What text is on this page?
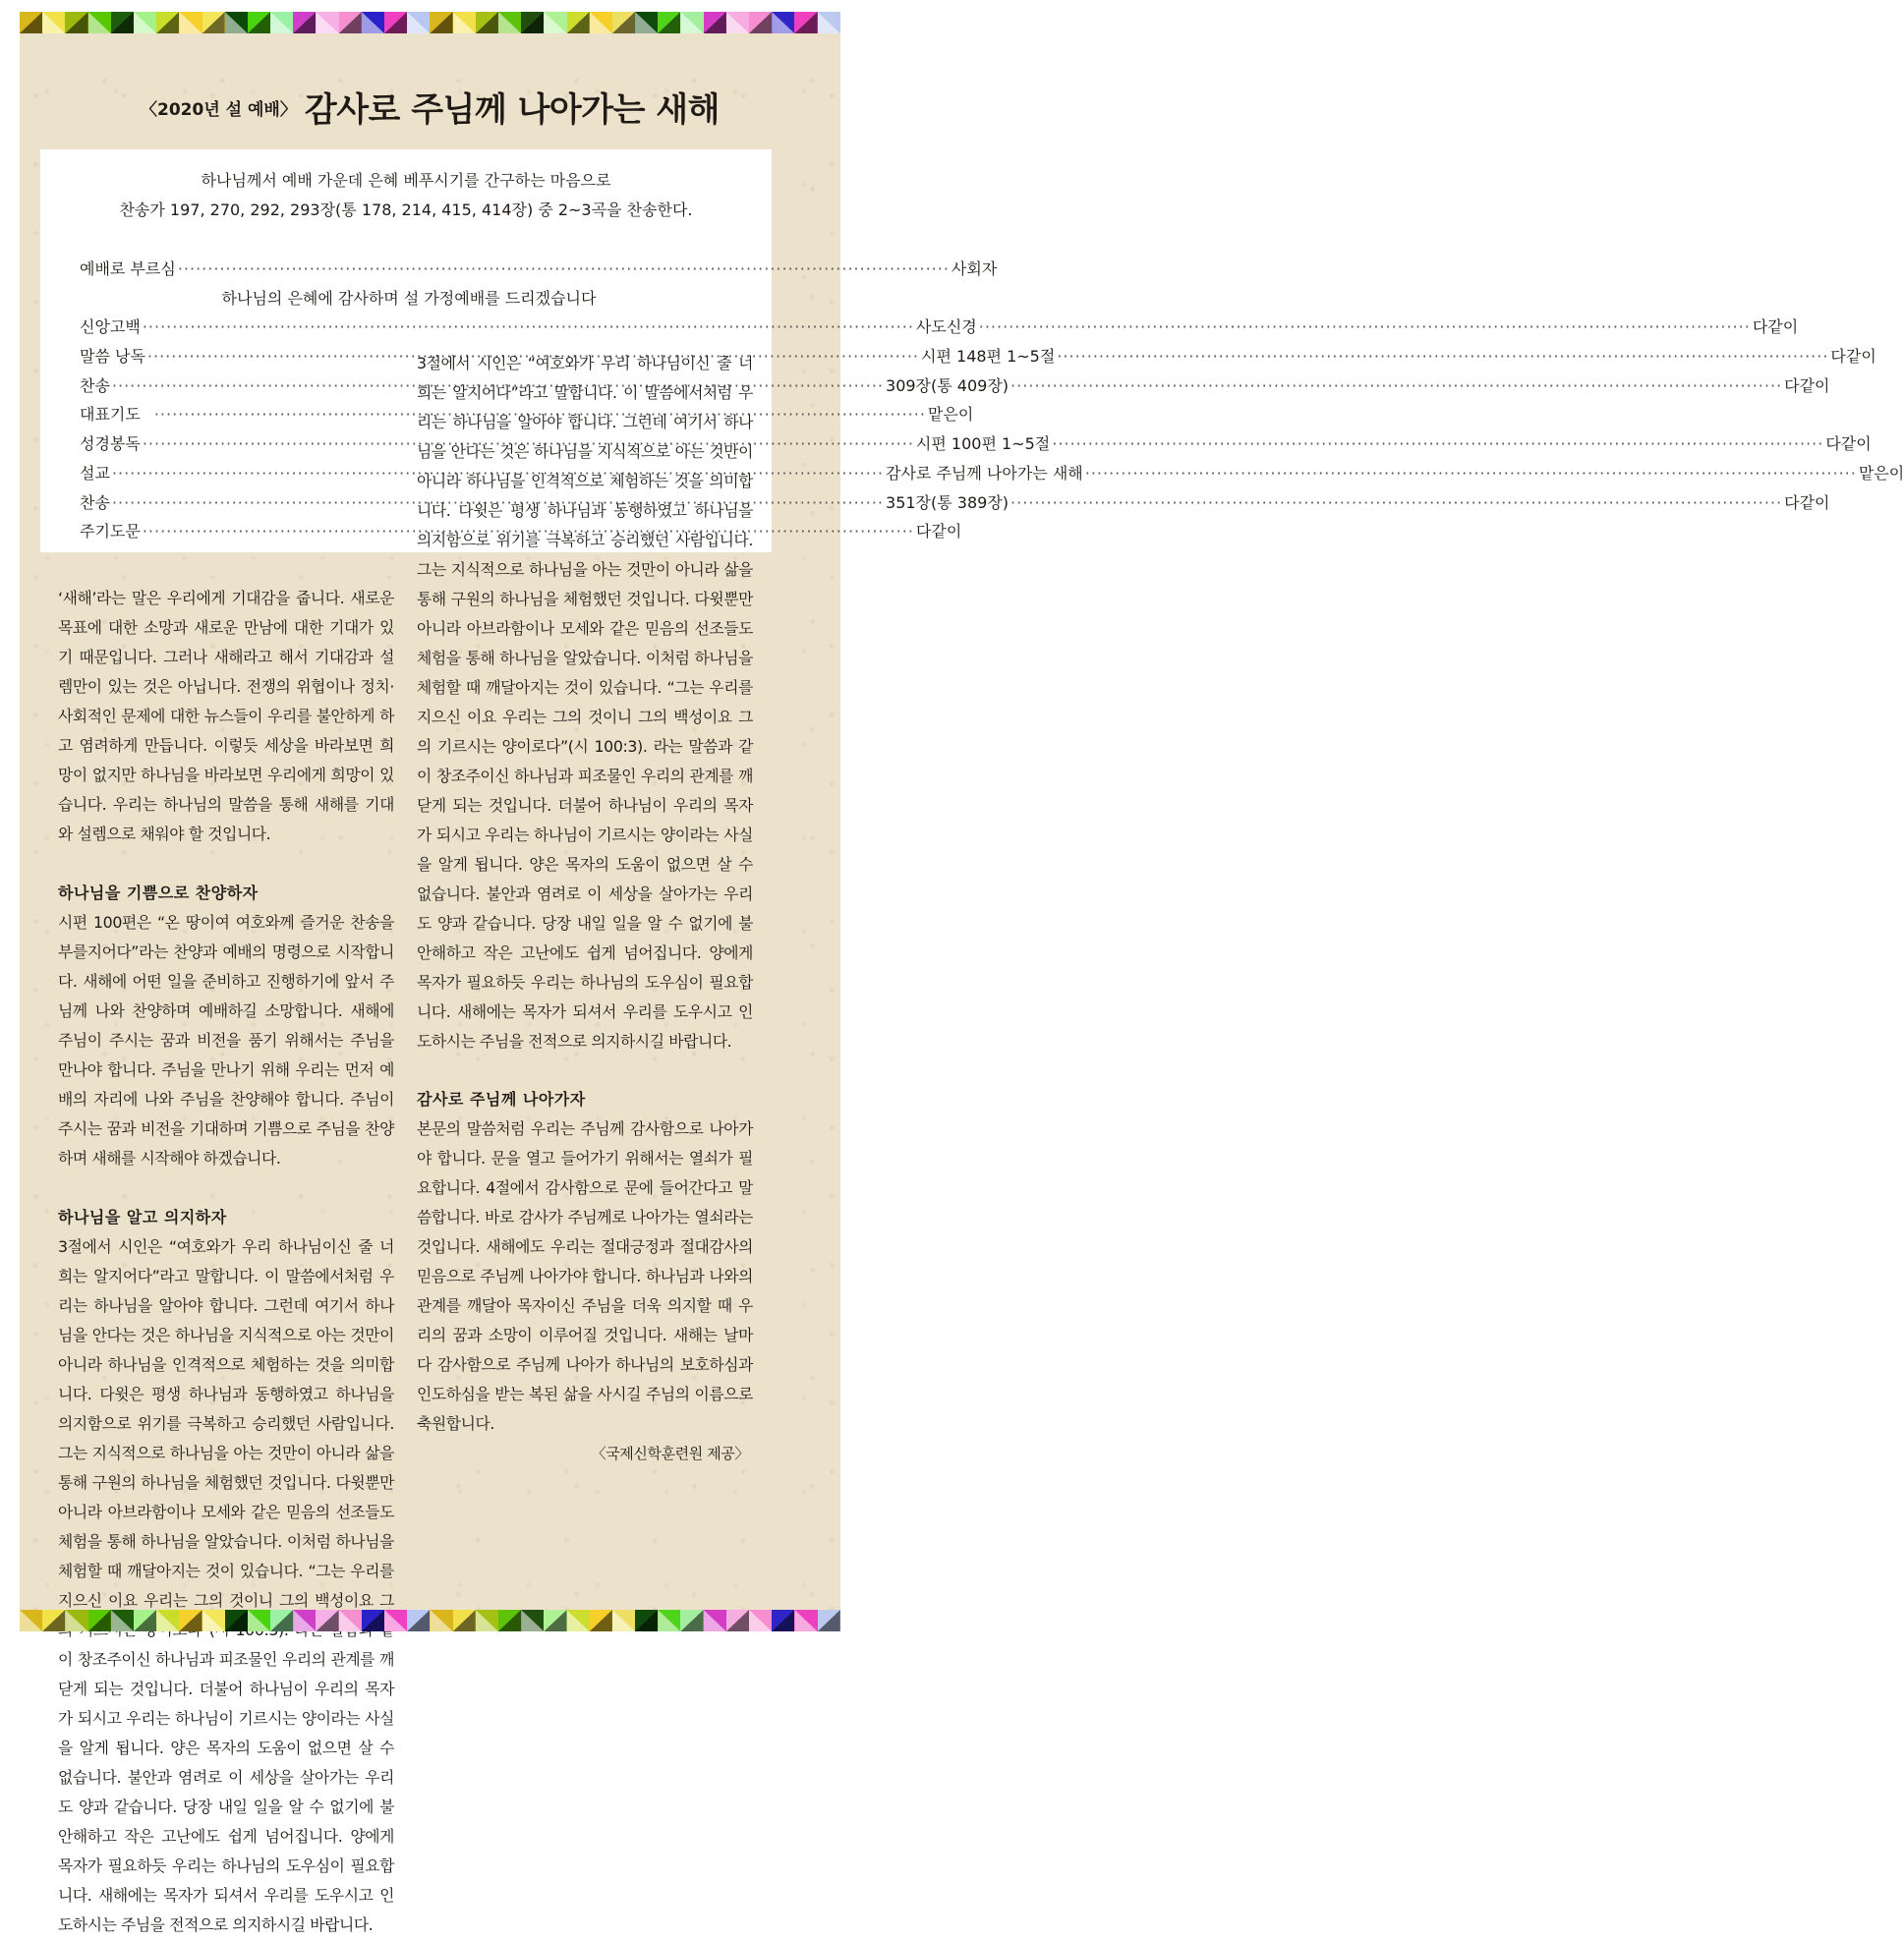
〈2020년 설 예배〉 감사로 주님께 나아가는 새해
하나님께서 예배 가운데 은혜 베푸시기를 간구하는 마음으로
찬송가 197, 270, 292, 293장(통 178, 214, 415, 414장) 중 2~3곡을 찬송한다.
예배로 부르심 ·····	사회자
하나님의 은혜에 감사하며 설 가정예배를 드리겠습니다
신앙고백 ·····	사도신경 ·····	다같이
말씀 낭독 ·····	시편 148편 1~5절 ·····	다같이
찬송 ·····	309장(통 409장) ·····	다같이
대표기도 ·····	맡은이
성경봉독 ·····	시편 100편 1~5절 ·····	다같이
설교 ·····	감사로 주님께 나아가는 새해 ·····	맡은이
찬송 ·····	351장(통 389장) ·····	다같이
주기도문 ·····	다같이

‘새해’라는 말은 우리에게 기대감을 줍니다. 새로운 목표에 대한 소망과 새로운 만남에 대한 기대가 있기 때문입니다. 그러나 새해라고 해서 기대감과 설렘만이 있는 것은 아닙니다. 전쟁의 위협이나 정치·사회적인 문제에 대한 뉴스들이 우리를 불안하게 하고 염려하게 만듭니다. 이렇듯 세상을 바라보면 희망이 없지만 하나님을 바라보면 우리에게 희망이 있습니다. 우리는 하나님의 말씀을 통해 새해를 기대와 설렘으로 채워야 할 것입니다.

하나님을 기쁨으로 찬양하자

시편 100편은 “온 땅이여 여호와께 즐거운 찬송을 부를지어다”라는 찬양과 예배의 명령으로 시작합니다. 새해에 어떤 일을 준비하고 진행하기에 앞서 주님께 나와 찬양하며 예배하길 소망합니다. 새해에 주님이 주시는 꿈과 비전을 품기 위해서는 주님을 만나야 합니다. 주님을 만나기 위해 우리는 먼저 예배의 자리에 나와 주님을 찬양해야 합니다. 주님이 주시는 꿈과 비전을 기대하며 기쁨으로 주님을 찬양하며 새해를 시작해야 하겠습니다.

하나님을 알고 의지하자

3절에서 시인은 “여호와가 우리 하나님이신 줄 너희는 알지어다”라고 말합니다. 이 말씀에서처럼 우리는 하나님을 알아야 합니다. 그런데 여기서 하나님을 안다는 것은 하나님을 지식적으로 아는 것만이 아니라 하나님을 인격적으로 체험하는 것을 의미합니다. 다윗은 평생 하나님과 동행하였고 하나님을 의지함으로 위기를 극복하고 승리했던 사람입니다. 그는 지식적으로 하나님을 아는 것만이 아니라 삶을 통해 구원의 하나님을 체험했던 것입니다. 다윗뿐만 아니라 아브라함이나 모세와 같은 믿음의 선조들도 체험을 통해 하나님을 알았습니다. 이처럼 하나님을 체험할 때 깨달아지는 것이 있습니다. “그는 우리를 지으신 이요 우리는 그의 것이니 그의 백성이요 그 이 창조주이신 하나님과 피조물인 우리의 관계를 깨닫게 되는 것입니다. 더불어 하나님이 우리의 목자가 되시고 우리는 하나님이 기르시는 양이라는 사실을 알게 됩니다. 양은 목자의 도움이 없으면 살 수 없습니다. 불안과 염려로 이 세상을 살아가는 우리도 양과 같습니다. 당장 내일 일을 알 수 없기에 불안해하고 작은 고난에도 쉽게 넘어집니다. 양에게 목자가 필요하듯 우리는 하나님의 도우심이 필요합니다. 새해에는 목자가 되셔서 우리를 도우시고 인도하시는 주님을 전적으로 의지하시길 바랍니다.

3절에서 시인은 “여호와가 우리 하나님이신 줄 너희는 알지어다”라고 말합니다. 이 말씀에서처럼 우리는 하나님을 알아야 합니다. 그런데 여기서 하나님을 안다는 것은 하나님을 지식적으로 아는 것만이 아니라 하나님을 인격적으로 체험하는 것을 의미합니다. 다윗은 평생 하나님과 동행하였고 하나님을 의지함으로 위기를 극복하고 승리했던 사람입니다. 그는 지식적으로 하나님을 아는 것만이 아니라 삶을 통해 구원의 하나님을 체험했던 것입니다. 다윗뿐만 아니라 아브라함이나 모세와 같은 믿음의 선조들도 체험을 통해 하나님을 알았습니다. 이처럼 하나님을 체험할 때 깨달아지는 것이 있습니다. “그는 우리를 지으신 이요 우리는 그의 것이니 그의 백성이요 그의 기르시는 양이로다”(시 100:3). 라는 말씀과 같이 창조주이신 하나님과 피조물인 우리의 관계를 깨닫게 되는 것입니다. 더불어 하나님이 우리의 목자가 되시고 우리는 하나님이 기르시는 양이라는 사실을 알게 됩니다. 양은 목자의 도움이 없으면 살 수 없습니다. 불안과 염려로 이 세상을 살아가는 우리도 양과 같습니다. 당장 내일 일을 알 수 없기에 불안해하고 작은 고난에도 쉽게 넘어집니다. 양에게 목자가 필요하듯 우리는 하나님의 도우심이 필요합니다. 새해에는 목자가 되셔서 우리를 도우시고 인도하시는 주님을 전적으로 의지하시길 바랍니다.

감사로 주님께 나아가자

본문의 말씀처럼 우리는 주님께 감사함으로 나아가야 합니다. 문을 열고 들어가기 위해서는 열쇠가 필요합니다. 4절에서 감사함으로 문에 들어간다고 말씀합니다. 바로 감사가 주님께로 나아가는 열쇠라는 것입니다. 새해에도 우리는 절대긍정과 절대감사의 믿음으로 주님께 나아가야 합니다. 하나님과 나와의 관계를 깨달아 목자이신 주님을 더욱 의지할 때 우리의 꿈과 소망이 이루어질 것입니다. 새해는 날마다 감사함으로 주님께 나아가 하나님의 보호하심과 인도하심을 받는 복된 삶을 사시길 주님의 이름으로 축원합니다.

〈국제신학훈련원 제공〉
